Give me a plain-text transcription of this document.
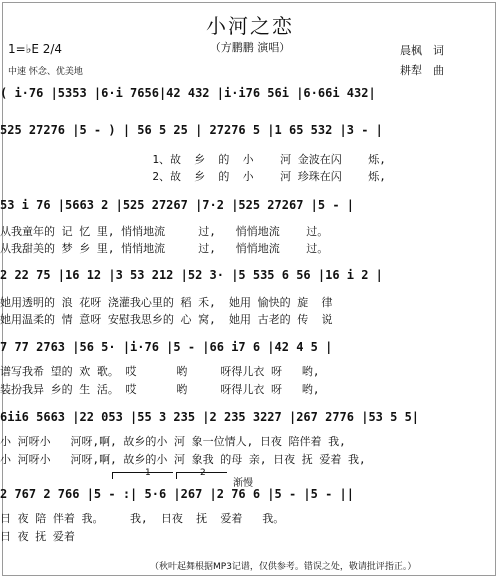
小河之恋
（方鹏鹏 演唱）	晨枫　词
耕犁　曲
1=♭E 2/4
中速 怀念、优美地
( i·76 |5353 |6·i 7656|42 432 |i·i76 56i |6·66i 432|
525 27276 |5 - ) | 56 5 25 | 27276 5 |1 65 532 |3 - |
1、故  乡  的  小    河 金波在闪    烁,
2、故  乡  的  小    河 珍珠在闪    烁,
53 i 76 |5663 2 |525 27267 |7·2 |525 27267 |5 - |
从我童年的 记 忆 里, 悄悄地流     过,   悄悄地流    过。
从我甜美的 梦 乡 里, 悄悄地流     过,   悄悄地流    过。
2 22 75 |16 12 |3 53 212 |52 3· |5 535 6 56 |16 i 2 |
她用透明的 浪 花呀 浇灌我心里的 稻 禾,  她用 愉快的 旋  律
她用温柔的 情 意呀 安慰我思乡的 心 窝,  她用 古老的 传  说
7 77 2763 |56 5· |i·76 |5 - |66 i7 6 |42 4 5 |
谱写我希 望的 欢 歌。 哎      哟     呀得儿衣 呀   哟,
装扮我异 乡的 生 活。 哎      哟     呀得儿衣 呀   哟,
6ii6 5663 |22 053 |55 3 235 |2 235 3227 |267 2776 |53 5 5|
小 河呀小   河呀,啊, 故乡的小 河 象一位情人, 日夜 陪伴着 我,
小 河呀小   河呀,啊, 故乡的小 河 象我 的母 亲, 日夜 抚 爱着 我,
1	2
渐慢
2 767 2 766 |5 - :| 5·6 |267 |2 76 6 |5 - |5 - ||
日 夜 陪 伴着 我。    我,  日夜  抚  爱着   我。
日 夜 抚 爱着
（秋叶起舞根据MP3记谱，仅供参考。错误之处，敬请批评指正。）
